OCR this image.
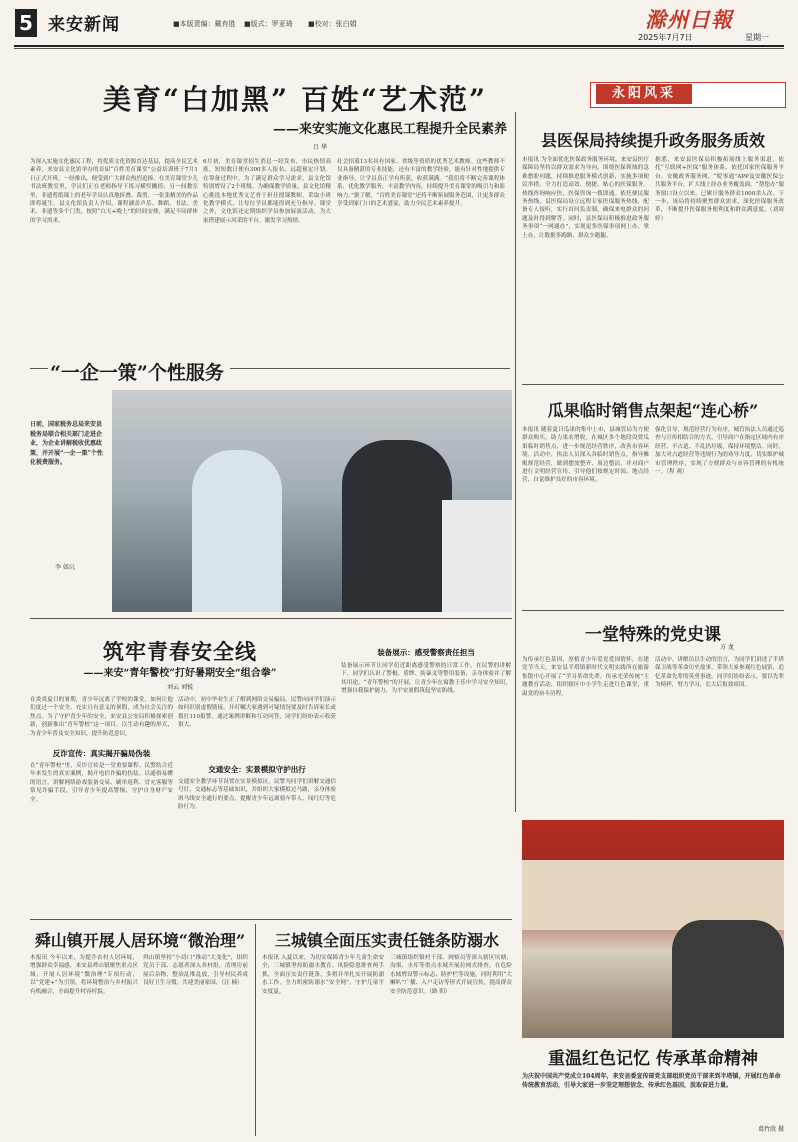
5 来安新闻	■本版责编：戴有胜 ■版式：罗亚琦 ■校对：张白娟	滁州日報
2025年7月7日	星期一
美育“白加黑” 百姓“艺术范”
——来安实施文化惠民工程提升全民素养
吕 华
为深入实施文化惠民工程，将优质文化资源直达基层，提高全民艺术素养，来安县文化馆举办的首届“百姓美育课堂”公益培训班于7月1日正式开班。一经推出，便受到广大群众热烈追捧。在美育课堂少儿书法班教室里，学员们正在老师指导下练习横竖撇捺；另一间教室里，非遗剪纸课上的老年学员认真地折叠、裁剪，一张张精美的作品即将诞生。县文化馆负责人介绍，课程涵盖声乐、舞蹈、书法、美术、非遗等多个门类，按照“白天+晚上”的时间安排，满足不同群体的学习需求。
6月初，美育课堂招生消息一经发布，市民热情高涨。短短数日便有300多人报名，远超预定计划。在筹备过程中，为了满足群众学习需求，县文化馆特别增设了2个班级。为确保教学质量，县文化馆精心挑选本地优秀文艺骨干担任授课教师，采取小班化教学模式，让每位学员都能得到充分指导。课堂之外，文化馆还定期组织学员参加展演活动，为大家搭建展示风采的平台，激发学习热情。
社会招募13名具有国家、省级等资质的优秀艺术教师。这些教师不仅具备精湛的专业技能，还有丰富的教学经验，能有针对性地提供专业指导，让学员真正学有所获，收获满满。“我们将不断完善课程体系，优化教学服务，丰富教学内容，持续提升美育课堂的吸引力和影响力。”据了解，“百姓美育课堂”还将不断拓展服务范围，让更多群众享受到家门口的艺术盛宴，助力全民艺术素养提升。
永阳风采
县医保局持续提升政务服务质效
本报讯 为全面优化医保政务服务环境，来安县医疗保障局坚持以群众需求为导向，围绕医保领域的急难愁盼问题，持续推进服务模式创新，实施多项便民举措，全力打造高效、便捷、贴心的医保服务。热线咨询响应快，医保咨询一拨即通。依托便民服务热线，县医保局设立远程专家医保服务热线，配备专人接听，实行首问负责制，确保来电群众的问题及时得到解答。同时，县医保局积极推进政务服务事项“一网通办”，实现更多医保事项网上办、掌上办，让数据多跑路、群众少跑腿。
据悉，来安县医保局积极拓展线上服务渠道，依托“互联网+医保”服务体系，依托国家医保服务平台、安徽政务服务网、“皖事通”APP及安徽医保公共服务平台，扩大线上经办业务覆盖面。“帮您办”服务窗口设立以来，已累计服务群众1000余人次。下一步，该局将持续聚焦群众需求，深化医保服务改革，不断提升医保服务便利度和群众满意度。（刘周婷）
瓜果临时销售点架起“连心桥”
本报讯 随着夏日瓜果的集中上市，县城管局为方便群众购买、助力果农增收，在城区多个地段设置瓜果临时销售点，进一步规范经营秩序，改善市容环境。活动中，执法人员深入各临时销售点，指导摊贩规范经营，做到摆放整齐、周边整洁，并对商户进行文明经营宣传，引导他们按规定时间、地点经营，自觉维护良好的市容环境。
强化引导，规范经营行为有序。城管执法人员通过巡查与宣传相结合的方式，引导商户在指定区域内有序经营，不占道、不乱扔垃圾，保持环境整洁。同时，加大对占道经营等违规行为的劝导力度，切实维护城市管理秩序，实现了方便群众与市容管理的有机统一。（程 观）
“一企一策”个性服务
日前，国家税务总局来安县税务局联合相关部门走进企业，为企业讲解税收优惠政策，并开展“一企一策”个性化税费服务。
李 如沅
筑牢青春安全线
——来安“青年警校”打好暑期安全“组合拳”
刘云 刘锐
在炎炎夏日的暑期，青少年远离了学校的课堂，如何让他们度过一个安全、充实且有意义的暑假，成为社会关注的焦点。为了守护青少年的安全，来安县公安局积极探索创新，创新推出“青年警校”这一项目，以生动有趣的形式，为青少年普及安全知识，提升防范意识。
反诈宣传：真实揭开骗局伪装
在“青年警校”里，反诈宣传是一堂重要课程。民警结合近年来发生的真实案例，揭开电信诈骗的伪装。以通俗易懂的语言，讲解网络游戏装备交易、刷单返利、冒充客服等常见诈骗手段，引导青少年提高警惕，守护自身财产安全。
活动中，初中毕业生正了解到网络交易骗局。民警向同学们演示如何识别虚假链接，并叮嘱大家遇到可疑情况要及时告诉家长或拨打110报警。通过案例讲解和互动问答，同学们纷纷表示收获很大。
交通安全：实景模拟守护出行
交通安全教学环节设置在实景模拟区。民警为同学们讲解交通信号灯、交通标志等基础知识，并组织大家模拟过马路，亲身体验斑马线安全通行的要点，提醒青少年远离骑车带人、闯红灯等危险行为。
装备展示：感受警察责任担当
装备展示环节让同学们近距离感受警察的日常工作。在民警的讲解下，同学们认识了警棍、盾牌、防暴叉等警用装备，亲身体验并了解其用途。“青年警校”的开展，让青少年在寓教于乐中学习安全知识，增强自我保护能力，为平安暑假筑起坚实防线。
一堂特殊的党史课
方 龙
为传承红色基因，厚植青少年爱党爱国情怀，在建党节当天，来安县半塔镇新时代文明实践所在旅游集散中心开展了“学习革命先辈，传承光荣传统”主题教育活动，组织辖区中小学生走进红色课堂，重温党的奋斗历程。
活动中，讲解员以生动的语言，为同学们讲述了半塔保卫战等革命历史故事，带领大家参观红色展馆，追忆革命先辈的英勇事迹。同学们纷纷表示，要以先辈为榜样，努力学习，长大后报效祖国。
舜山镇开展人居环境“微治理”
本报讯 今年以来，为提升农村人居环境，增强群众幸福感，来安县舜山镇聚焦重点区域，开展人居环境“微治理”专项行动，以“党建+”为引领，将环境整治与乡村振兴有机融合，全面提升村容村貌。
舜山镇坚持“小切口”推动“大变化”，组织党员干部、志愿者深入各村组，清理房前屋后杂物，整治乱堆乱放，引导村民养成良好卫生习惯，共建美丽家园。（汪 楠）
三城镇全面压实责任链条防溺水
本报讯 入夏以来，为切实保障青少年儿童生命安全，三城镇坚持防溺水教育、风险隐患排查两手抓，全面压实责任链条，多措并举扎实开展防溺水工作，全力织密防溺水“安全网”，守护儿童平安度夏。
三城镇组织镇村干部、网格员等深入辖区坑塘、沟渠、水库等重点水域开展拉网式排查，在危险水域增设警示标志、防护栏等设施，同时利用“大喇叭”广播、入户走访等形式开展宣传，提高群众安全防范意识。（路 阳）
重温红色记忆 传承革命精神
为庆祝中国共产党成立104周年，来安县委宣传部党支部组织党员干部来到半塔镇，开展红色革命传统教育活动，引导大家进一步坚定理想信念，传承红色基因，汲取奋进力量。
葛竹欣 摄
